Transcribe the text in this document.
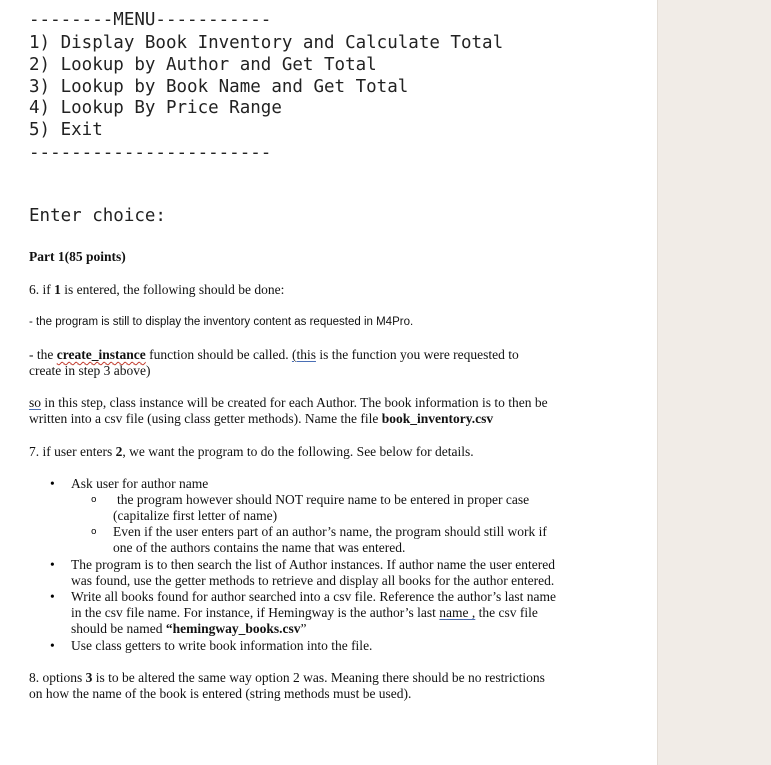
--------MENU-----------
1) Display Book Inventory and Calculate Total
2) Lookup by Author and Get Total
3) Lookup by Book Name and Get Total
4) Lookup By Price Range
5) Exit
-----------------------
Enter choice:
Part 1(85 points)
6. if 1 is entered, the following should be done:
- the program is still to display the inventory content as requested in M4Pro.
- the create_instance function should be called. (this is the function you were requested to
create in step 3 above)
so in this step, class instance will be created for each Author. The book information is to then be
written into a csv file (using class getter methods). Name the file book_inventory.csv
7. if user enters 2, we want the program to do the following. See below for details.
• Ask user for author name
o the program however should NOT require name to be entered in proper case
(capitalize first letter of name)
o Even if the user enters part of an author’s name, the program should still work if
one of the authors contains the name that was entered.
• The program is to then search the list of Author instances. If author name the user entered
was found, use the getter methods to retrieve and display all books for the author entered.
• Write all books found for author searched into a csv file. Reference the author’s last name
in the csv file name. For instance, if Hemingway is the author’s last name , the csv file
should be named “hemingway_books.csv”
• Use class getters to write book information into the file.
8. options 3 is to be altered the same way option 2 was. Meaning there should be no restrictions
on how the name of the book is entered (string methods must be used).
